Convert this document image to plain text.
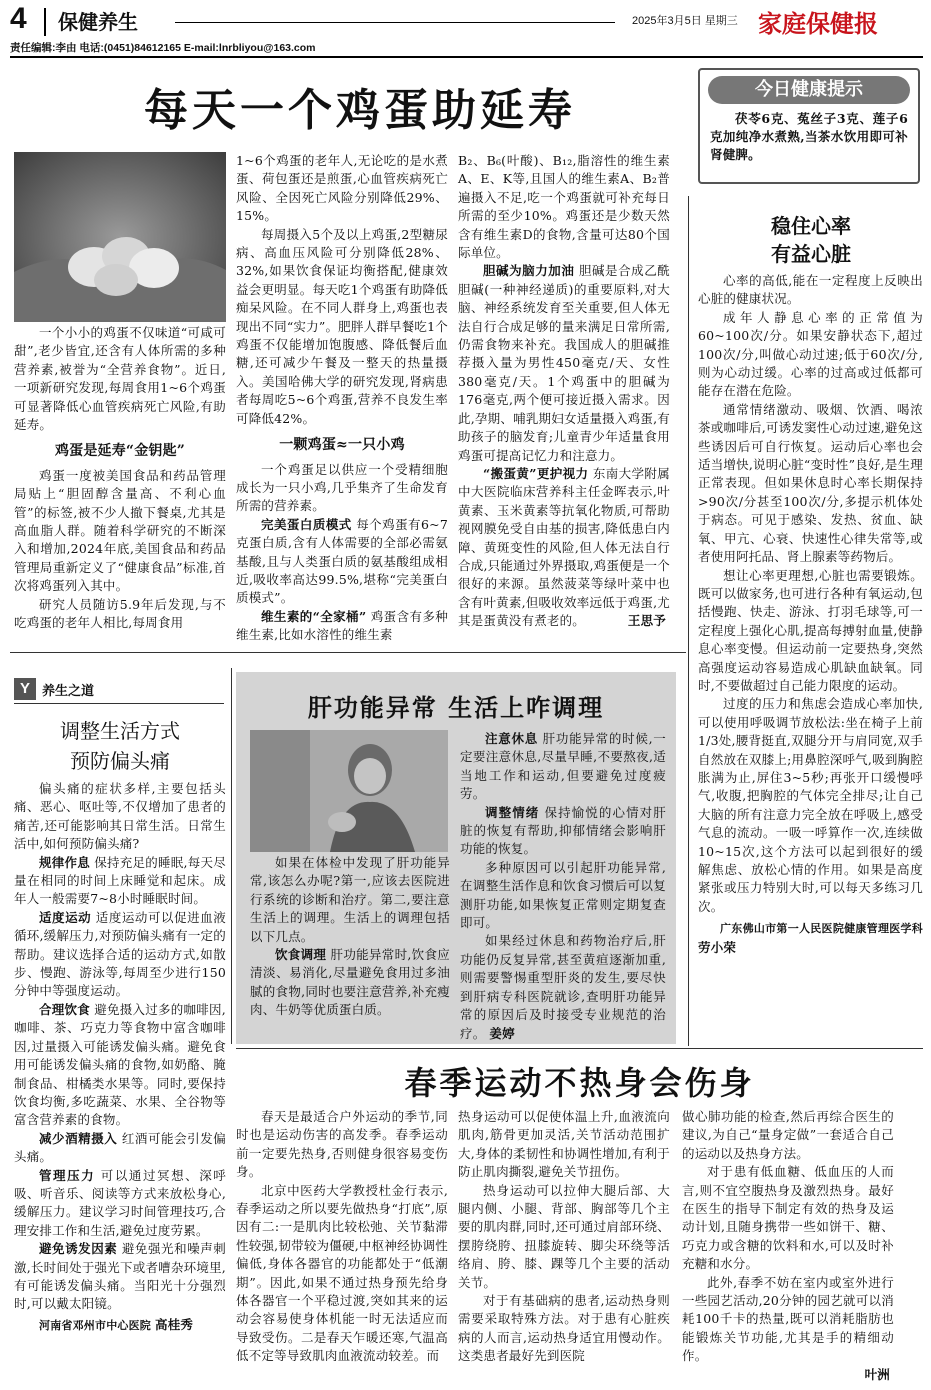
4 保健养生	2025年3月5日 星期三 家庭保健报
责任编辑:李由 电话:(0451)84612165 E-mail:lnrbliyou@163.com
每天一个鸡蛋助延寿

一个小小的鸡蛋不仅味道“可咸可甜”,老少皆宜,还含有人体所需的多种营养素,被誉为“全营养食物”。近日,一项新研究发现,每周食用1~6个鸡蛋可显著降低心血管疾病死亡风险,有助延寿。

鸡蛋是延寿“金钥匙”

鸡蛋一度被美国食品和药品管理局贴上“胆固醇含量高、不利心血管”的标签,被不少人撤下餐桌,尤其是高血脂人群。随着科学研究的不断深入和增加,2024年底,美国食品和药品管理局重新定义了“健康食品”标准,首次将鸡蛋列入其中。

研究人员随访5.9年后发现,与不吃鸡蛋的老年人相比,每周食用

1~6个鸡蛋的老年人,无论吃的是水煮蛋、荷包蛋还是煎蛋,心血管疾病死亡风险、全因死亡风险分别降低29%、15%。

每周摄入5个及以上鸡蛋,2型糖尿病、高血压风险可分别降低28%、32%,如果饮食保证均衡搭配,健康效益会更明显。每天吃1个鸡蛋有助降低痴呆风险。在不同人群身上,鸡蛋也表现出不同“实力”。肥胖人群早餐吃1个鸡蛋不仅能增加饱腹感、降低餐后血糖,还可减少午餐及一整天的热量摄入。美国哈佛大学的研究发现,肾病患者每周吃5~6个鸡蛋,营养不良发生率可降低42%。

一颗鸡蛋≈一只小鸡

一个鸡蛋足以供应一个受精细胞成长为一只小鸡,几乎集齐了生命发育所需的营养素。

完美蛋白质模式 每个鸡蛋有6~7克蛋白质,含有人体需要的全部必需氨基酸,且与人类蛋白质的氨基酸组成相近,吸收率高达99.5%,堪称“完美蛋白质模式”。

维生素的“全家桶” 鸡蛋含有多种维生素,比如水溶性的维生素

B₂、B₆(叶酸)、B₁₂,脂溶性的维生素A、E、K等,且国人的维生素A、B₂普遍摄入不足,吃一个鸡蛋就可补充每日所需的至少10%。鸡蛋还是少数天然含有维生素D的食物,含量可达80个国际单位。

胆碱为脑力加油 胆碱是合成乙酰胆碱(一种神经递质)的重要原料,对大脑、神经系统发育至关重要,但人体无法自行合成足够的量来满足日常所需,仍需食物来补充。我国成人的胆碱推荐摄入量为男性450毫克/天、女性380毫克/天。1个鸡蛋中的胆碱为176毫克,两个便可接近摄入需求。因此,孕期、哺乳期妇女适量摄入鸡蛋,有助孩子的脑发育;儿童青少年适量食用鸡蛋可提高记忆力和注意力。

“搬蛋黄”更护视力 东南大学附属中大医院临床营养科主任金晖表示,叶黄素、玉米黄素等抗氧化物质,可帮助视网膜免受自由基的损害,降低患白内障、黄斑变性的风险,但人体无法自行合成,只能通过外界摄取,鸡蛋便是一个很好的来源。虽然菠菜等绿叶菜中也含有叶黄素,但吸收效率远低于鸡蛋,尤其是蛋黄没有煮老的。	王思予

今日健康提示
茯苓6克、菟丝子3克、莲子6克加纯净水煮熟,当茶水饮用即可补肾健脾。
稳住心率
有益心脏

心率的高低,能在一定程度上反映出心脏的健康状况。

成年人静息心率的正常值为60~100次/分。如果安静状态下,超过100次/分,叫做心动过速;低于60次/分,则为心动过缓。心率的过高或过低都可能存在潜在危险。

通常情绪激动、吸烟、饮酒、喝浓茶或咖啡后,可诱发窦性心动过速,避免这些诱因后可自行恢复。运动后心率也会适当增快,说明心脏“变时性”良好,是生理正常表现。但如果休息时心率长期保持>90次/分甚至100次/分,多提示机体处于病态。可见于感染、发热、贫血、缺氧、甲亢、心衰、快速性心律失常等,或者使用阿托品、肾上腺素等药物后。

想让心率更理想,心脏也需要锻炼。既可以做家务,也可进行各种有氧运动,包括慢跑、快走、游泳、打羽毛球等,可一定程度上强化心肌,提高每搏射血量,使静息心率变慢。但运动前一定要热身,突然高强度运动容易造成心肌缺血缺氧。同时,不要做超过自己能力限度的运动。

过度的压力和焦虑会造成心率加快,可以使用呼吸调节放松法:坐在椅子上前1/3处,腰背挺直,双腿分开与肩同宽,双手自然放在双膝上;用鼻腔深呼气,吸到胸腔胀满为止,屏住3~5秒;再张开口缓慢呼气,收腹,把胸腔的气体完全排尽;让自己大脑的所有注意力完全放在呼吸上,感受气息的流动。一吸一呼算作一次,连续做10~15次,这个方法可以起到很好的缓解焦虑、放松心情的作用。如果是高度紧张或压力特别大时,可以每天多练习几次。

广东佛山市第一人民医院健康管理医学科 劳小荣

Y 养生之道
调整生活方式
预防偏头痛

偏头痛的症状多样,主要包括头痛、恶心、呕吐等,不仅增加了患者的痛苦,还可能影响其日常生活。日常生活中,如何预防偏头痛?

规律作息 保持充足的睡眠,每天尽量在相同的时间上床睡觉和起床。成年人一般需要7~8小时睡眠时间。

适度运动 适度运动可以促进血液循环,缓解压力,对预防偏头痛有一定的帮助。建议选择合适的运动方式,如散步、慢跑、游泳等,每周至少进行150分钟中等强度运动。

合理饮食 避免摄入过多的咖啡因,咖啡、茶、巧克力等食物中富含咖啡因,过量摄入可能诱发偏头痛。避免食用可能诱发偏头痛的食物,如奶酪、腌制食品、柑橘类水果等。同时,要保持饮食均衡,多吃蔬菜、水果、全谷物等富含营养素的食物。

减少酒精摄入 红酒可能会引发偏头痛。

管理压力 可以通过冥想、深呼吸、听音乐、阅读等方式来放松身心,缓解压力。建议学习时间管理技巧,合理安排工作和生活,避免过度劳累。

避免诱发因素 避免强光和噪声刺激,长时间处于强光下或者嘈杂环境里,有可能诱发偏头痛。当阳光十分强烈时,可以戴太阳镜。

河南省邓州市中心医院 高桂秀

肝功能异常 生活上咋调理

如果在体检中发现了肝功能异常,该怎么办呢?第一,应该去医院进行系统的诊断和治疗。第二,要注意生活上的调理。生活上的调理包括以下几点。

饮食调理 肝功能异常时,饮食应清淡、易消化,尽量避免食用过多油腻的食物,同时也要注意营养,补充瘦肉、牛奶等优质蛋白质。

注意休息 肝功能异常的时候,一定要注意休息,尽量早睡,不要熬夜,适当地工作和运动,但要避免过度疲劳。

调整情绪 保持愉悦的心情对肝脏的恢复有帮助,抑郁情绪会影响肝功能的恢复。

多种原因可以引起肝功能异常,在调整生活作息和饮食习惯后可以复测肝功能,如果恢复正常则定期复查即可。

如果经过休息和药物治疗后,肝功能仍反复异常,甚至黄疸逐渐加重,则需要警惕重型肝炎的发生,要尽快到肝病专科医院就诊,查明肝功能异常的原因后及时接受专业规范的治疗。 姜婷

春季运动不热身会伤身

春天是最适合户外运动的季节,同时也是运动伤害的高发季。春季运动前一定要先热身,否则健身很容易变伤身。

北京中医药大学教授杜金行表示,春季运动之所以要先做热身“打底”,原因有二:一是肌肉比较松弛、关节黏滞性较强,韧带较为僵硬,中枢神经协调性偏低,身体各器官的功能都处于“低潮期”。因此,如果不通过热身预先给身体各器官一个平稳过渡,突如其来的运动会容易使身体机能一时无法适应而导致受伤。二是春天乍暖还寒,气温高低不定等导致肌肉血液流动较差。而

热身运动可以促使体温上升,血液流向肌肉,筋骨更加灵活,关节活动范围扩大,身体的柔韧性和协调性增加,有利于防止肌肉撕裂,避免关节扭伤。

热身运动可以拉伸大腿后部、大腿内侧、小腿、背部、胸部等几个主要的肌肉群,同时,还可通过肩部环绕、摆胯绕胯、扭膝旋转、脚尖环绕等活络肩、胯、膝、踝等几个主要的活动关节。

对于有基础病的患者,运动热身则需要采取特殊方法。对于患有心脏疾病的人而言,运动热身适宜用慢动作。这类患者最好先到医院

做心肺功能的检查,然后再综合医生的建议,为自己“量身定做”一套适合自己的运动以及热身方法。

对于患有低血糖、低血压的人而言,则不宜空腹热身及激烈热身。最好在医生的指导下制定有效的热身及运动计划,且随身携带一些如饼干、糖、巧克力或含糖的饮料和水,可以及时补充糖和水分。

此外,春季不妨在室内或室外进行一些园艺活动,20分钟的园艺就可以消耗100千卡的热量,既可以消耗脂肪也能锻炼关节功能,尤其是手的精细动作。

叶洲
